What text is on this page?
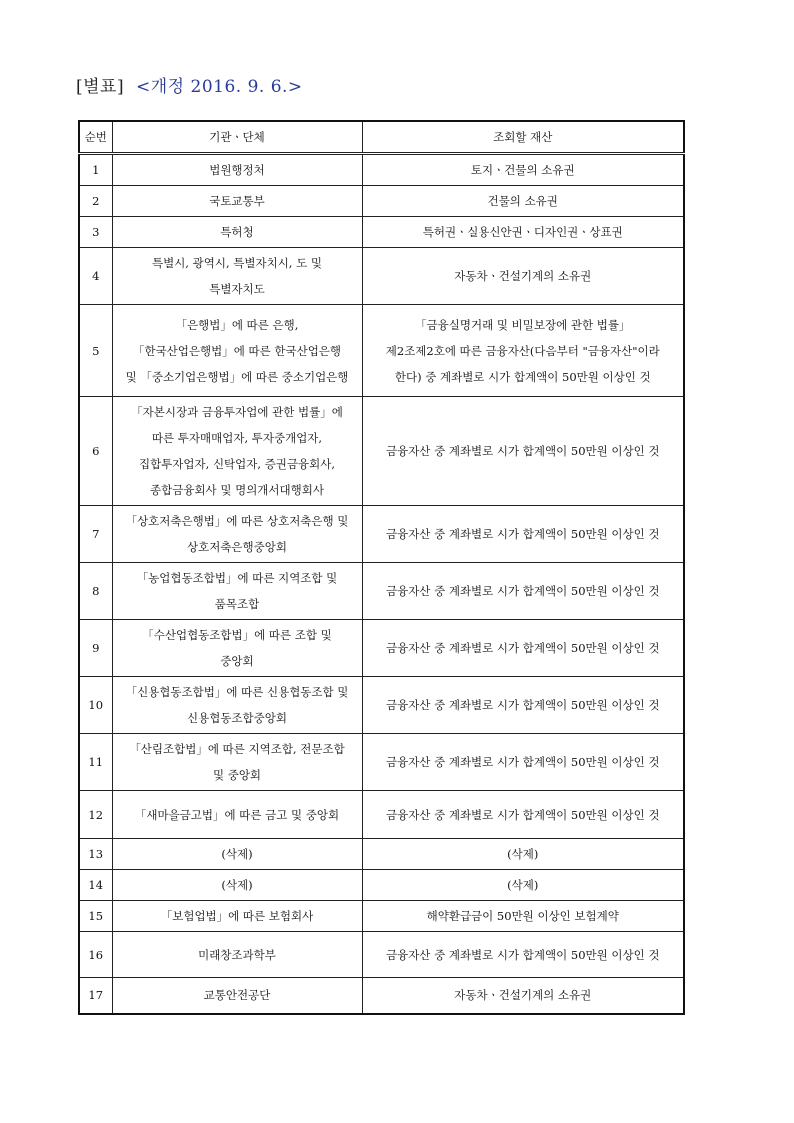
[별표] <개정 2016. 9. 6.>
순번	기관ㆍ단체	조회할 재산
1	법원행정처	토지ㆍ건물의 소유권

2	국토교통부	건물의 소유권

3	특허청	특허권ㆍ실용신안권ㆍ디자인권ㆍ상표권

4	특별시, 광역시, 특별자치시, 도 및
특별자치도	자동차ㆍ건설기계의 소유권

5	「은행법」에 따른 은행,
「한국산업은행법」에 따른 한국산업은행
및 「중소기업은행법」에 따른 중소기업은행	「금융실명거래 및 비밀보장에 관한 법률」
제2조제2호에 따른 금융자산(다음부터 "금융자산"이라
한다) 중 계좌별로 시가 합계액이 50만원 이상인 것

6	「자본시장과 금융투자업에 관한 법률」에
따른 투자매매업자, 투자중개업자,
집합투자업자, 신탁업자, 증권금융회사,
종합금융회사 및 명의개서대행회사	금융자산 중 계좌별로 시가 합계액이 50만원 이상인 것

7	「상호저축은행법」에 따른 상호저축은행 및
상호저축은행중앙회	금융자산 중 계좌별로 시가 합계액이 50만원 이상인 것

8	「농업협동조합법」에 따른 지역조합 및
품목조합	금융자산 중 계좌별로 시가 합계액이 50만원 이상인 것

9	「수산업협동조합법」에 따른 조합 및
중앙회	금융자산 중 계좌별로 시가 합계액이 50만원 이상인 것

10	「신용협동조합법」에 따른 신용협동조합 및
신용협동조합중앙회	금융자산 중 계좌별로 시가 합계액이 50만원 이상인 것

11	「산림조합법」에 따른 지역조합, 전문조합
및 중앙회	금융자산 중 계좌별로 시가 합계액이 50만원 이상인 것

12	「새마을금고법」에 따른 금고 및 중앙회	금융자산 중 계좌별로 시가 합계액이 50만원 이상인 것

13	(삭제)	(삭제)

14	(삭제)	(삭제)

15	「보험업법」에 따른 보험회사	해약환급금이 50만원 이상인 보험계약

16	미래창조과학부	금융자산 중 계좌별로 시가 합계액이 50만원 이상인 것

17	교통안전공단	자동차ㆍ건설기계의 소유권
